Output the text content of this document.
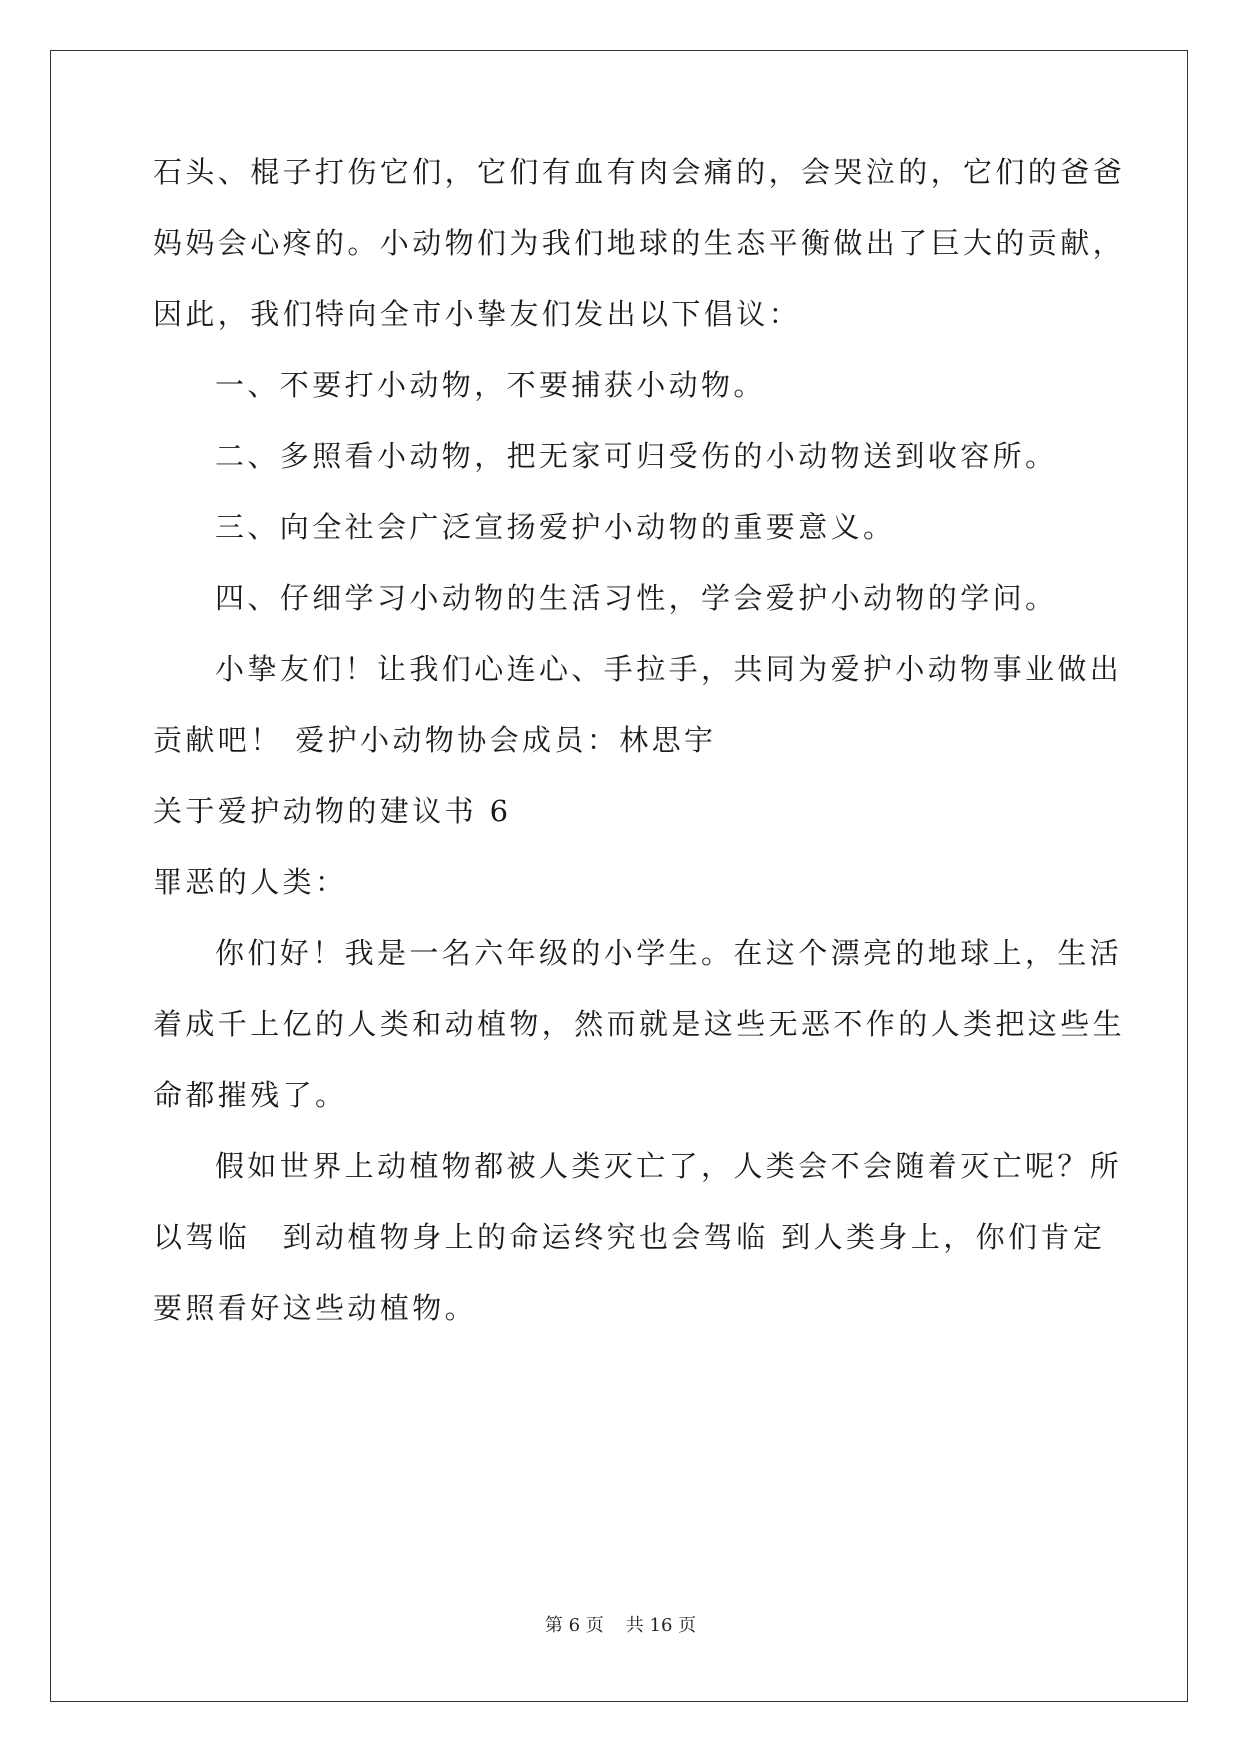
石头、棍子打伤它们，它们有血有肉会痛的，会哭泣的，它们的爸爸
妈妈会心疼的。小动物们为我们地球的生态平衡做出了巨大的贡献，
因此，我们特向全市小挚友们发出以下倡议：
一、不要打小动物，不要捕获小动物。
二、多照看小动物，把无家可归受伤的小动物送到收容所。
三、向全社会广泛宣扬爱护小动物的重要意义。
四、仔细学习小动物的生活习性，学会爱护小动物的学问。
小挚友们！让我们心连心、手拉手，共同为爱护小动物事业做出
贡献吧！ 爱护小动物协会成员：林思宇
关于爱护动物的建议书 6
罪恶的人类：
你们好！我是一名六年级的小学生。在这个漂亮的地球上，生活
着成千上亿的人类和动植物，然而就是这些无恶不作的人类把这些生
命都摧残了。
假如世界上动植物都被人类灭亡了，人类会不会随着灭亡呢？所
以驾临　到动植物身上的命运终究也会驾临 到人类身上，你们肯定
要照看好这些动植物。
第 6 页 共 16 页
